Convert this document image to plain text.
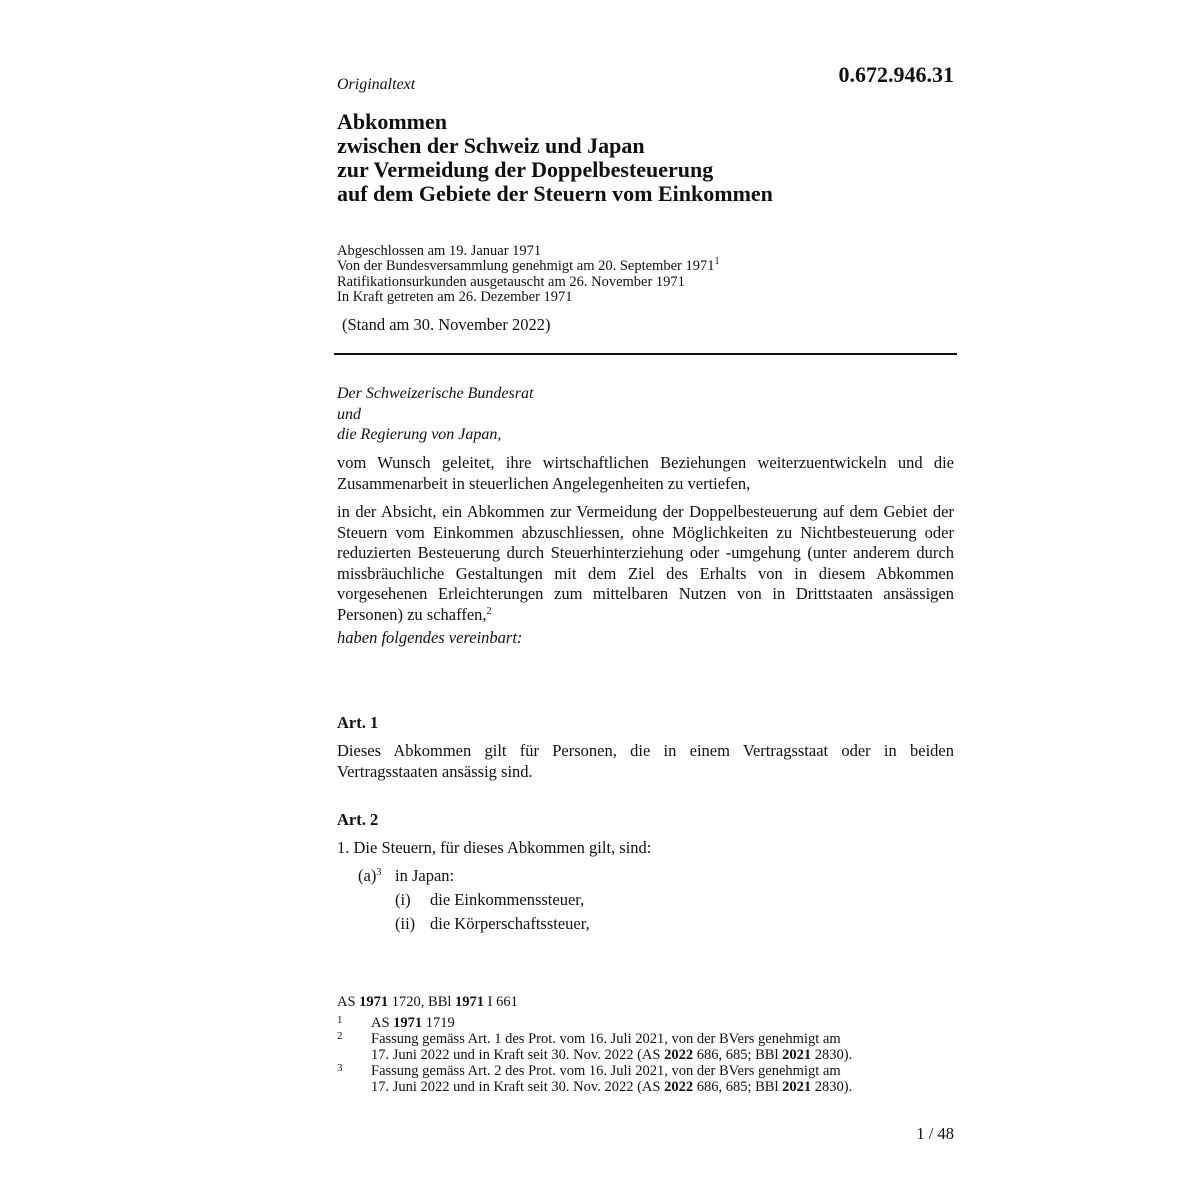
0.672.946.31
Originaltext
Abkommen
zwischen der Schweiz und Japan
zur Vermeidung der Doppelbesteuerung
auf dem Gebiete der Steuern vom Einkommen
Abgeschlossen am 19. Januar 1971
Von der Bundesversammlung genehmigt am 20. September 1971$^1$
Ratifikationsurkunden ausgetauscht am 26. November 1971
In Kraft getreten am 26. Dezember 1971
(Stand am 30. November 2022)
Der Schweizerische Bundesrat
und
die Regierung von Japan,
vom Wunsch geleitet, ihre wirtschaftlichen Beziehungen weiterzuentwickeln und die Zusammenarbeit in steuerlichen Angelegenheiten zu vertiefen,
in der Absicht, ein Abkommen zur Vermeidung der Doppelbesteuerung auf dem Gebiet der Steuern vom Einkommen abzuschliessen, ohne Möglichkeiten zu Nichtbesteuerung oder reduzierten Besteuerung durch Steuerhinterziehung oder -umgehung (unter anderem durch missbräuchliche Gestaltungen mit dem Ziel des Erhalts von in diesem Abkommen vorgesehenen Erleichterungen zum mittelbaren Nutzen von in Drittstaaten ansässigen Personen) zu schaffen,$^2$
haben folgendes vereinbart:
Art. 1
Dieses Abkommen gilt für Personen, die in einem Vertragsstaat oder in beiden Vertragsstaaten ansässig sind.
Art. 2
1. Die Steuern, für dieses Abkommen gilt, sind:
$(a)^3$ in Japan:
(i) die Einkommenssteuer,
(ii) die Körperschaftssteuer,
AS 1971 1720, BBl 1971 I 661
1 AS 1971 1719
2 Fassung gemäss Art. 1 des Prot. vom 16. Juli 2021, von der BVers genehmigt am
17. Juni 2022 und in Kraft seit 30. Nov. 2022 (AS 2022 686, 685; BBl 2021 2830).
3 Fassung gemäss Art. 2 des Prot. vom 16. Juli 2021, von der BVers genehmigt am
17. Juni 2022 und in Kraft seit 30. Nov. 2022 (AS 2022 686, 685; BBl 2021 2830).
1 / 48
